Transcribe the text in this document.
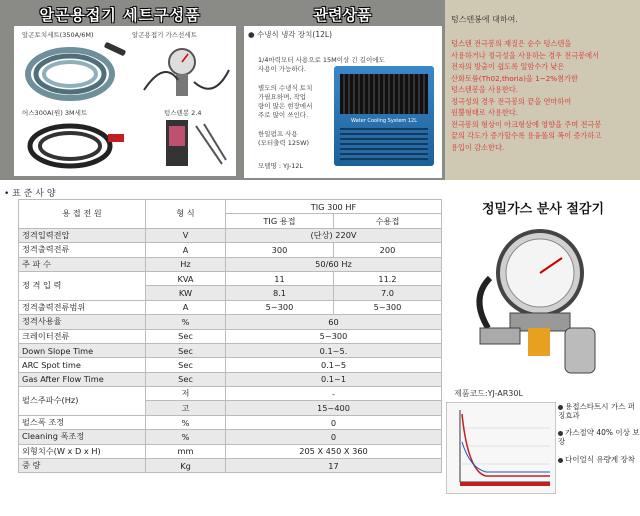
알곤용접기 세트구성품
알곤토치세트(350A/6M)	알곤용접기 가스선세트
어스300A(원) 3M세트	텅스텐봉 2.4
관련상품
● 수냉식 냉각 장치(12L)
1/4마력모터 사용으로 15M이상 긴 길이에도
사용이 가능하다.
별도의 수냉식 토치
가필요하며, 작업
량이 많은 현장에서
주로 많이 쓰인다.
한일펌프 사용
(모터출력 125W)
모델명 : YJ-12L
Water Cooling System 12L
텅스텐봉에 대하여.
텅스텐 전극봉의 재질은 순수 텅스텐을
사용하거나 정극성을 사용하는 경우 전극봉에서
전자의 방출이 쉽도록 일함수가 낮은
산화토륨(Th02,thoria)을 1~2%첨가한
텅스텐봉을 사용한다.
정극성의 경우 전극봉의 끝을 연마하여
원뿔형태로 사용한다.
전극봉의 형상이 아크형상에 영향을 주며 전극봉
끝의 각도가 증가할수록 용융폴의 폭이 증가하고
용입이 감소한다.
• 표 준 사 양
용 접 전 원	형 식	TIG 300 HF	
		TIG 용접	수용접
정격입력전압	V	(단상) 220V	
정격출력전류	A	300	200
주 파 수	Hz	50/60 Hz	
정 격 입 력	KVA	11	11.2
	KW	8.1	7.0
정격출력전류범위	A	5~300	5~300
정격사용율	%	60	
크레이터전류	Sec	5~300	
Down Slope Time	Sec	0.1~5.	
ARC Spot time	Sec	0.1~5	
Gas After Flow Time	Sec	0.1~1	
펄스주파수(Hz)	저	-	
	고	15~400	
펄스폭 조정	%	0	
Cleaning 폭조정	%	0	
외형치수(W x D x H)	mm	205 X 450 X 360	
중 량	Kg	17	
정밀가스 분사 절감기
제품코드:YJ-AR30L
용접스타트시 가스 퍼징효과
가스절약 40% 이상 보장
다이얼식 유량계 장착
